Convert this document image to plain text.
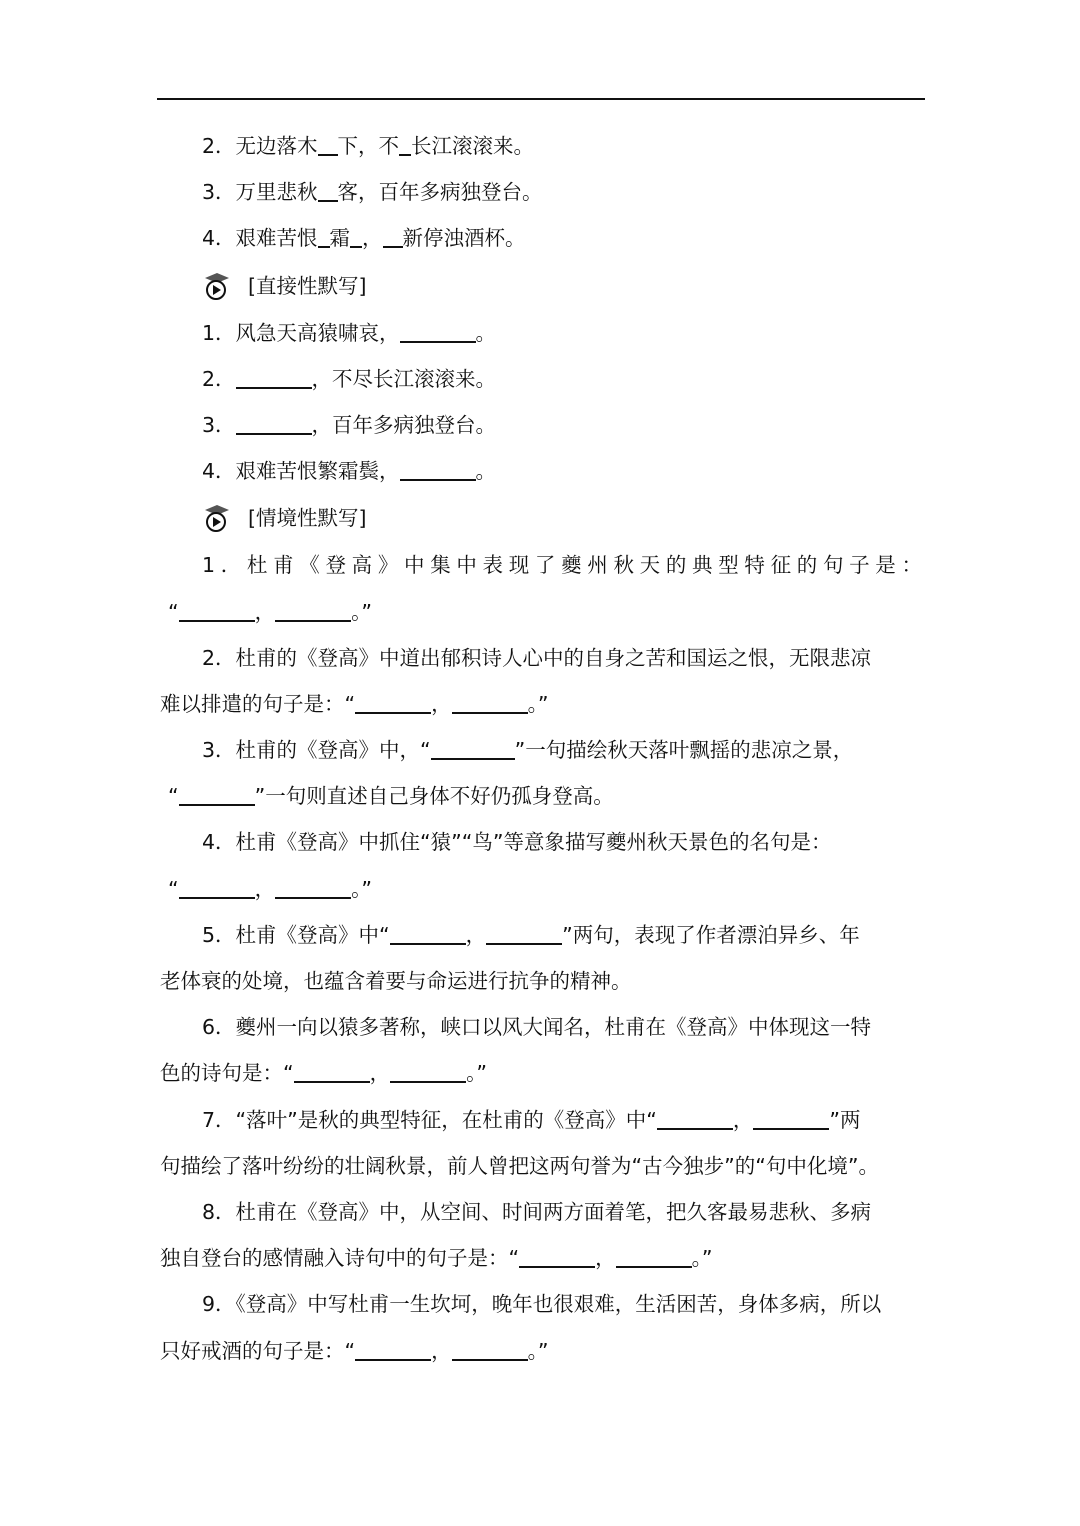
2．无边落木 下，不 长江滚滚来。
3．万里悲秋 客，百年多病独登台。
4．艰难苦恨 霜 ， 新停浊酒杯。
[直接性默写]
1．风急天高猿啸哀，	。
2．	，不尽长江滚滚来。
3．	，百年多病独登台。
4．艰难苦恨繁霜鬓，	。
[情境性默写]
1．杜甫《登高》中集中表现了夔州秋天的典型特征的句子是：
“	，	。”
2．杜甫的《登高》中道出郁积诗人心中的自身之苦和国运之恨，无限悲凉
难以排遣的句子是：“	，	。”
3．杜甫的《登高》中，“	”一句描绘秋天落叶飘摇的悲凉之景，
“	”一句则直述自己身体不好仍孤身登高。
4．杜甫《登高》中抓住“猿”“鸟”等意象描写夔州秋天景色的名句是：
“	，	。”
5．杜甫《登高》中“	，	”两句，表现了作者漂泊异乡、年
老体衰的处境，也蕴含着要与命运进行抗争的精神。
6．夔州一向以猿多著称，峡口以风大闻名，杜甫在《登高》中体现这一特
色的诗句是：“	，	。”
7．“落叶”是秋的典型特征，在杜甫的《登高》中“	，	”两
句描绘了落叶纷纷的壮阔秋景，前人曾把这两句誉为“古今独步”的“句中化境”。
8．杜甫在《登高》中，从空间、时间两方面着笔，把久客最易悲秋、多病
独自登台的感情融入诗句中的句子是：“	，	。”
9．《登高》中写杜甫一生坎坷，晚年也很艰难，生活困苦，身体多病，所以
只好戒酒的句子是：“	，	。”
